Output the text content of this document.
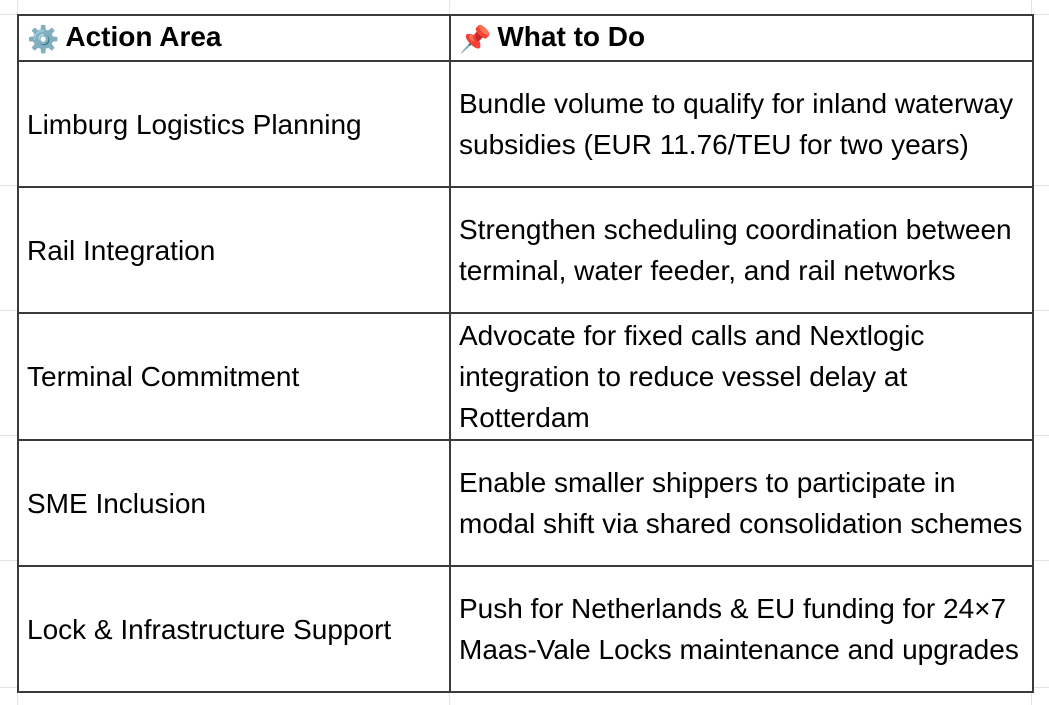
⚙️ Action Area	📌 What to Do
Limburg Logistics Planning	Bundle volume to qualify for inland waterway subsidies (EUR 11.76/TEU for two years)
Rail Integration	Strengthen scheduling coordination between terminal, water feeder, and rail networks
Terminal Commitment	Advocate for fixed calls and Nextlogic integration to reduce vessel delay at Rotterdam
SME Inclusion	Enable smaller shippers to participate in modal shift via shared consolidation schemes
Lock & Infrastructure Support	Push for Netherlands & EU funding for 24×7 Maas-Vale Locks maintenance and upgrades
